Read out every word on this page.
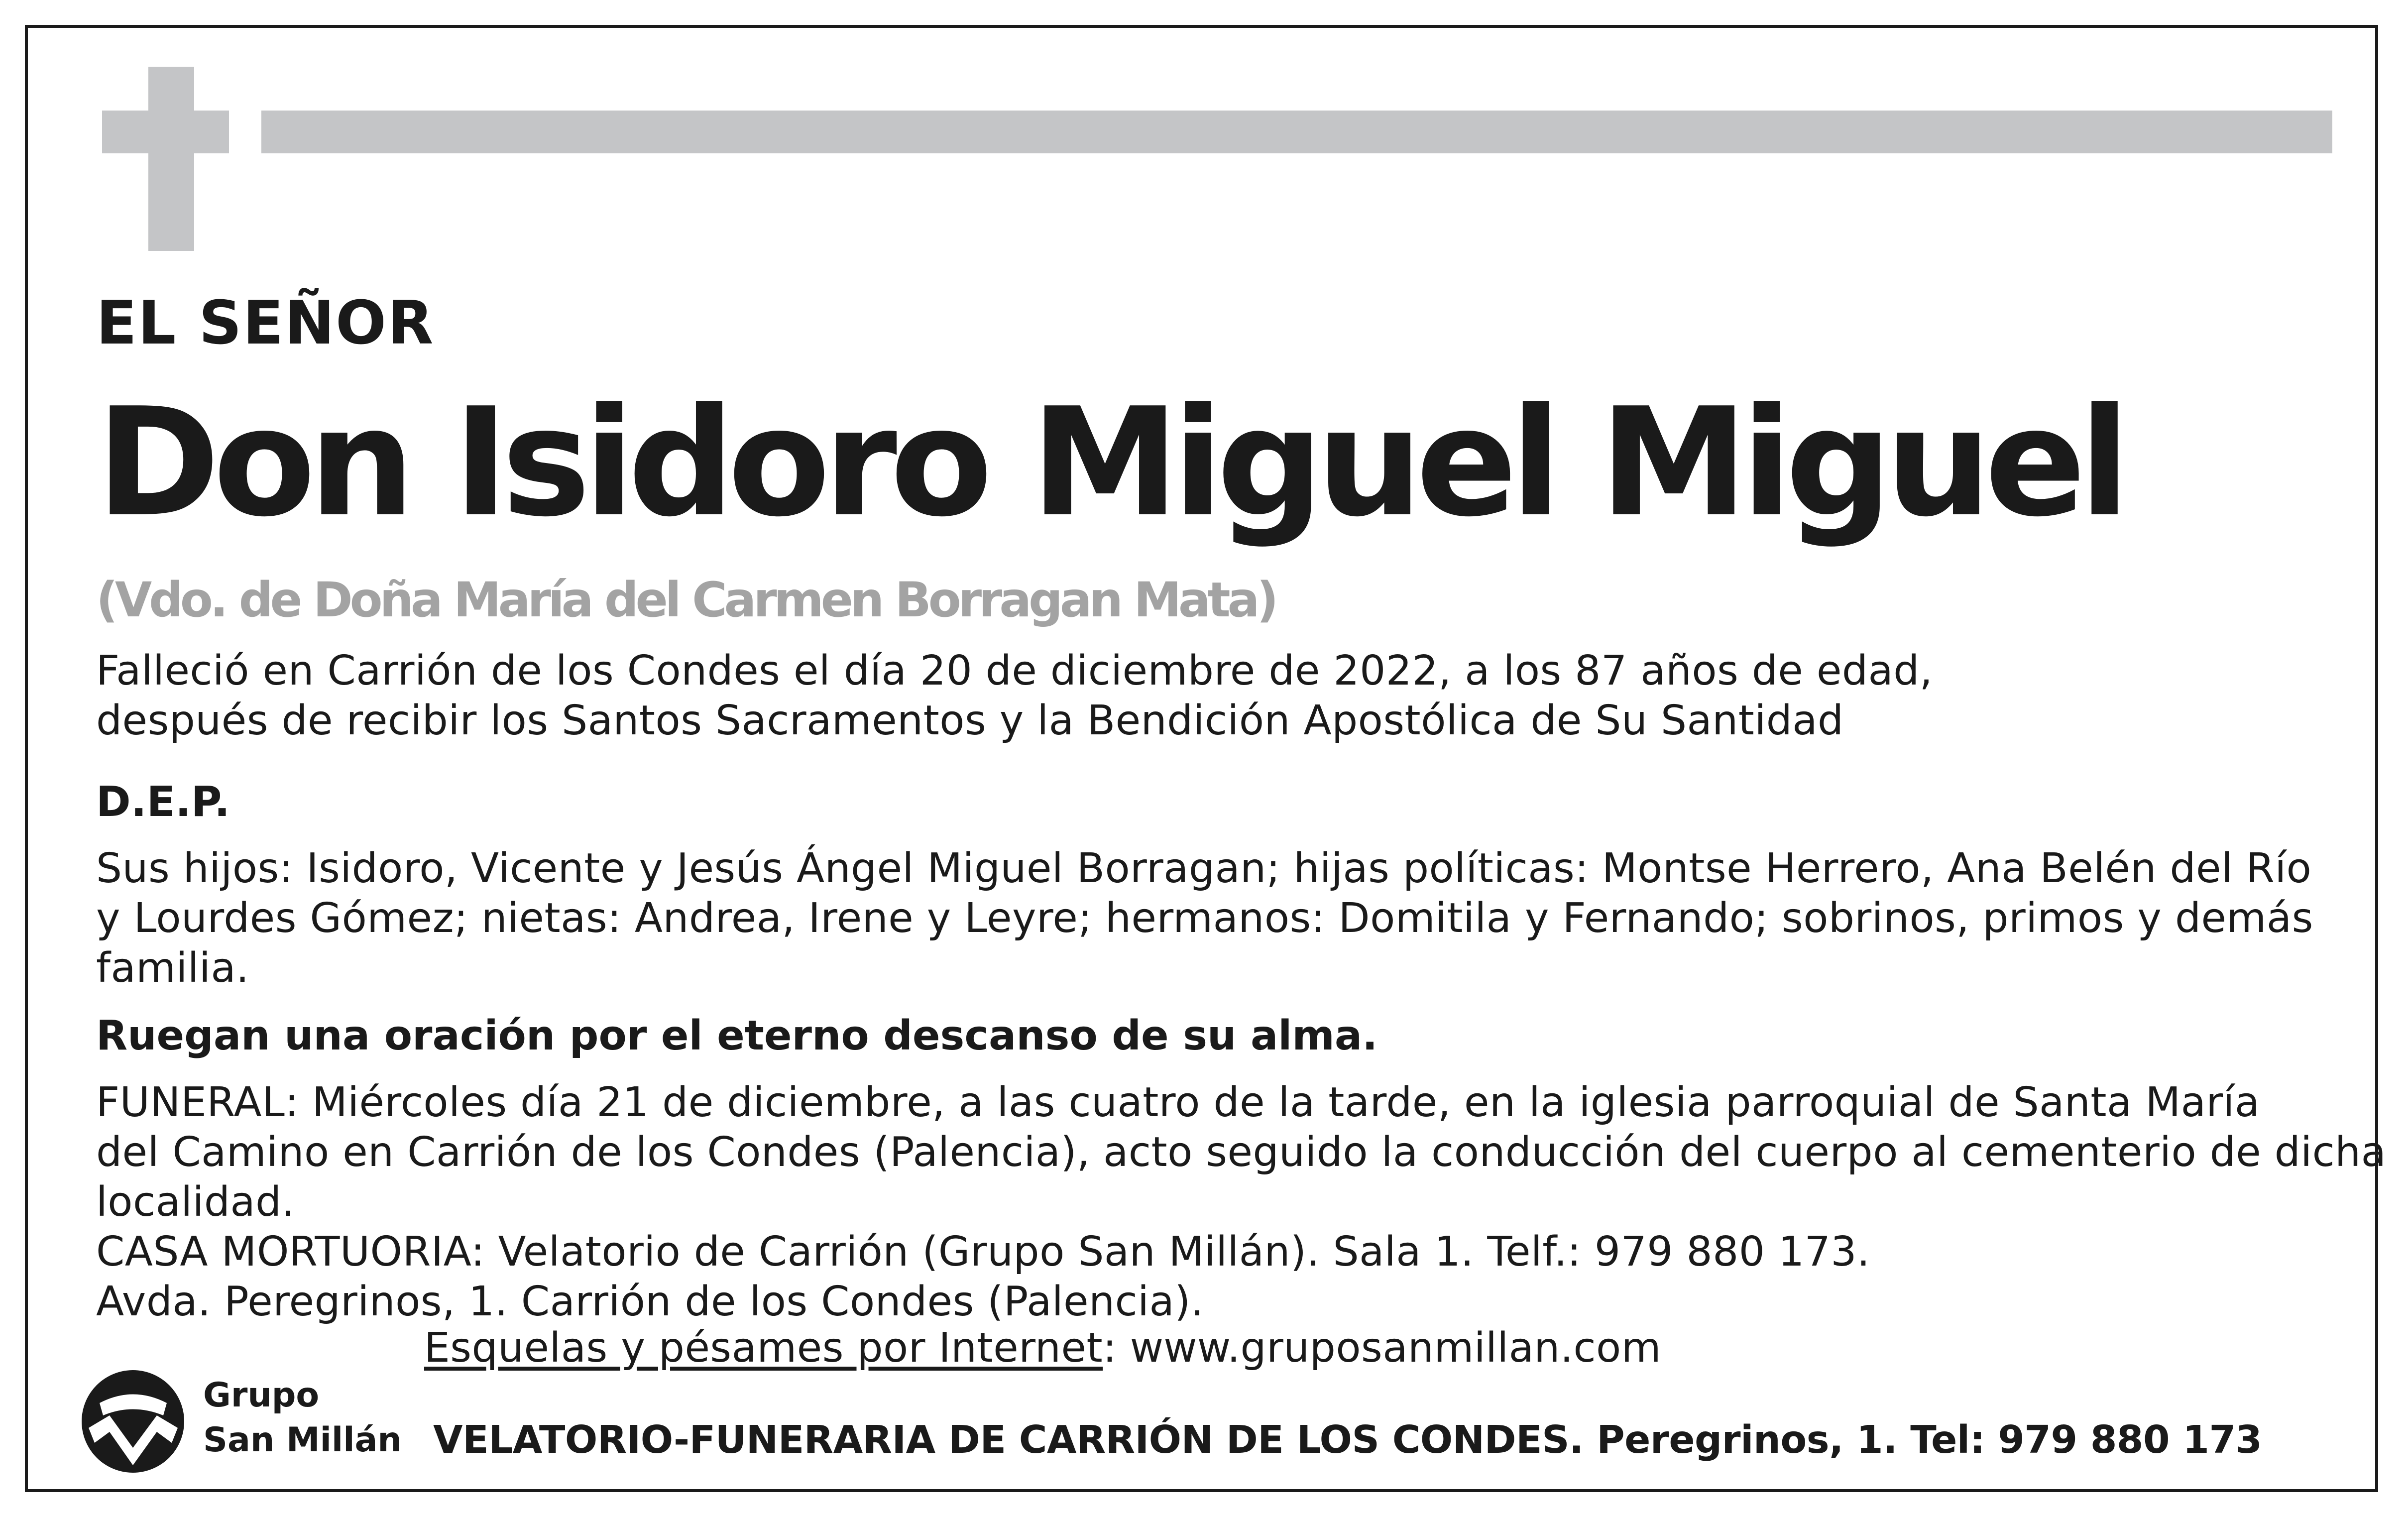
EL SEÑOR
Don Isidoro Miguel Miguel
(Vdo. de Doña María del Carmen Borragan Mata)
Falleció en Carrión de los Condes el día 20 de diciembre de 2022, a los 87 años de edad,
después de recibir los Santos Sacramentos y la Bendición Apostólica de Su Santidad
D.E.P.
Sus hijos: Isidoro, Vicente y Jesús Ángel Miguel Borragan; hijas políticas: Montse Herrero, Ana Belén del Río
y Lourdes Gómez; nietas: Andrea, Irene y Leyre; hermanos: Domitila y Fernando; sobrinos, primos y demás
familia.
Ruegan una oración por el eterno descanso de su alma.
FUNERAL: Miércoles día 21 de diciembre, a las cuatro de la tarde, en la iglesia parroquial de Santa María
del Camino en Carrión de los Condes (Palencia), acto seguido la conducción del cuerpo al cementerio de dicha
localidad.
CASA MORTUORIA: Velatorio de Carrión (Grupo San Millán). Sala 1. Telf.: 979 880 173.
Avda. Peregrinos, 1. Carrión de los Condes (Palencia).
Esquelas y pésames por Internet: www.gruposanmillan.com
Grupo
San Millán VELATORIO-FUNERARIA DE CARRIÓN DE LOS CONDES. Peregrinos, 1. Tel: 979 880 173
